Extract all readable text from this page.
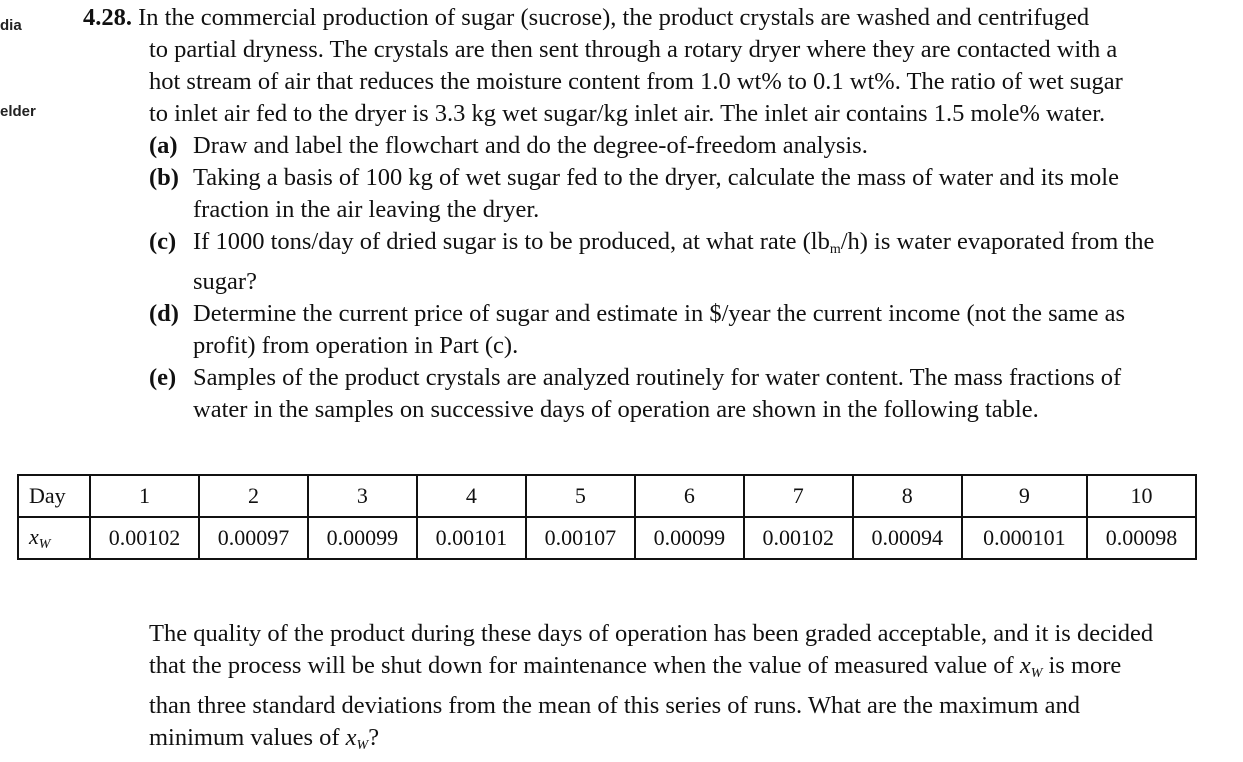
dia
elder
4.28. In the commercial production of sugar (sucrose), the product crystals are washed and centrifuged
to partial dryness. The crystals are then sent through a rotary dryer where they are contacted with a
hot stream of air that reduces the moisture content from 1.0 wt% to 0.1 wt%. The ratio of wet sugar
to inlet air fed to the dryer is 3.3 kg wet sugar/kg inlet air. The inlet air contains 1.5 mole% water.
(a) Draw and label the flowchart and do the degree-of-freedom analysis.
(b) Taking a basis of 100 kg of wet sugar fed to the dryer, calculate the mass of water and its mole
fraction in the air leaving the dryer.
(c) If 1000 tons/day of dried sugar is to be produced, at what rate $(lb_m/h)$ is water evaporated from the
sugar?
(d) Determine the current price of sugar and estimate in $/year the current income (not the same as
profit) from operation in Part (c).
(e) Samples of the product crystals are analyzed routinely for water content. The mass fractions of
water in the samples on successive days of operation are shown in the following table.
Day	1	2	3	4	5	6	7	8	9	10
$x_W$	0.00102	0.00097	0.00099	0.00101	0.00107	0.00099	0.00102	0.00094	0.000101	0.00098
The quality of the product during these days of operation has been graded acceptable, and it is decided
that the process will be shut down for maintenance when the value of measured value of $x_W$ is more
than three standard deviations from the mean of this series of runs. What are the maximum and
minimum values of $x_W$?
